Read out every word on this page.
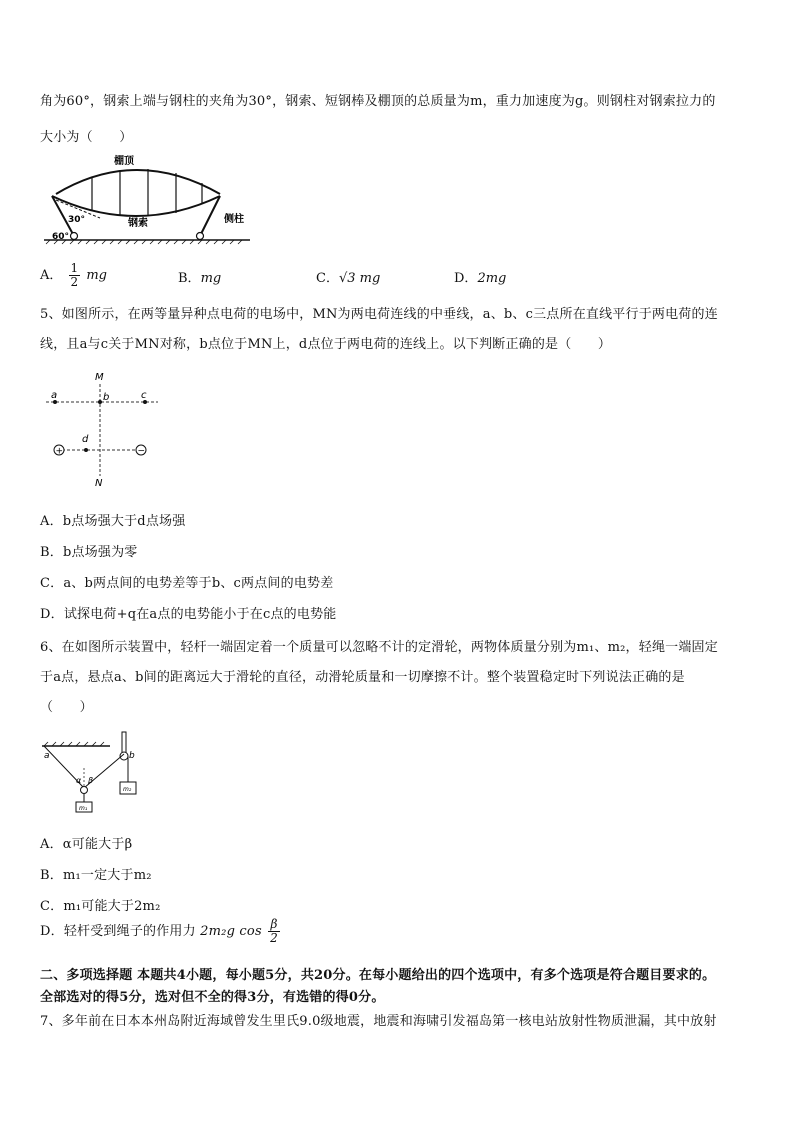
角为60°，钢索上端与钢柱的夹角为30°，钢索、短钢棒及棚顶的总质量为m，重力加速度为g。则钢柱对钢索拉力的
大小为（　　）
棚顶
钢索	侧柱
30°
60°
A． $\frac{1}{2}$ mg	B．mg	C．√3 mg	D．2mg
5、如图所示，在两等量异种点电荷的电场中，MN为两电荷连线的中垂线，a、b、c三点所在直线平行于两电荷的连
线，且a与c关于MN对称，b点位于MN上，d点位于两电荷的连线上。以下判断正确的是（　　）
+	−
M
N
a	b	c
d
A．b点场强大于d点场强
B．b点场强为零
C．a、b两点间的电势差等于b、c两点间的电势差
D．试探电荷+q在a点的电势能小于在c点的电势能
6、在如图所示装置中，轻杆一端固定着一个质量可以忽略不计的定滑轮，两物体质量分别为m₁、m₂，轻绳一端固定
于a点，悬点a、b间的距离远大于滑轮的直径，动滑轮质量和一切摩擦不计。整个装置稳定时下列说法正确的是
（　　）
a	b
α β
m₁
m₂
A．α可能大于β
B．m₁一定大于m₂
C．m₁可能大于2m₂
D．轻杆受到绳子的作用力 2m₂g $\cos \frac{\beta}{2}$
二、多项选择题 本题共4小题，每小题5分，共20分。在每小题给出的四个选项中，有多个选项是符合题目要求的。
全部选对的得5分，选对但不全的得3分，有选错的得0分。
7、多年前在日本本州岛附近海域曾发生里氏9.0级地震，地震和海啸引发福岛第一核电站放射性物质泄漏，其中放射
